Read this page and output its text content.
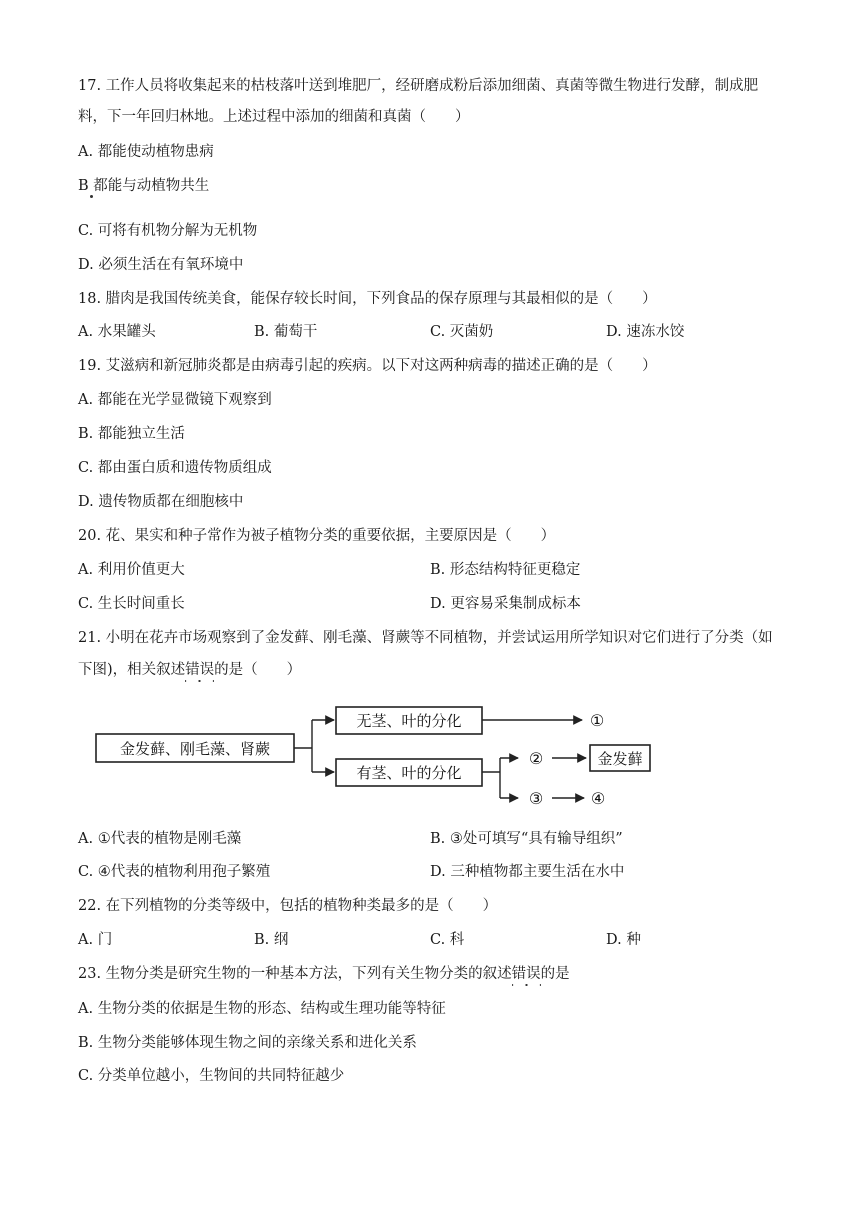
17. 工作人员将收集起来的枯枝落叶送到堆肥厂，经研磨成粉后添加细菌、真菌等微生物进行发酵，制成肥
料，下一年回归林地。上述过程中添加的细菌和真菌（　　）
A. 都能使动植物患病
B 都能与动植物共生
C. 可将有机物分解为无机物
D. 必须生活在有氧环境中
18. 腊肉是我国传统美食，能保存较长时间，下列食品的保存原理与其最相似的是（　　）
A. 水果罐头	B. 葡萄干	C. 灭菌奶	D. 速冻水饺
19. 艾滋病和新冠肺炎都是由病毒引起的疾病。以下对这两种病毒的描述正确的是（　　）
A. 都能在光学显微镜下观察到
B. 都能独立生活
C. 都由蛋白质和遗传物质组成
D. 遗传物质都在细胞核中
20. 花、果实和种子常作为被子植物分类的重要依据，主要原因是（　　）
A. 利用价值更大	B. 形态结构特征更稳定
C. 生长时间重长	D. 更容易采集制成标本
21. 小明在花卉市场观察到了金发藓、刚毛藻、肾蕨等不同植物，并尝试运用所学知识对它们进行了分类（如
下图)，相关叙述错误的是（　　）
金发藓、刚毛藻、肾蕨
无茎、叶的分化	①
有茎、叶的分化
②	金发藓
③	④
A. ①代表的植物是刚毛藻	B. ③处可填写“具有输导组织”
C. ④代表的植物利用孢子繁殖	D. 三种植物都主要生活在水中
22. 在下列植物的分类等级中，包括的植物种类最多的是（　　）
A. 门	B. 纲	C. 科	D. 种
23. 生物分类是研究生物的一种基本方法，下列有关生物分类的叙述错误的是
A. 生物分类的依据是生物的形态、结构或生理功能等特征
B. 生物分类能够体现生物之间的亲缘关系和进化关系
C. 分类单位越小，生物间的共同特征越少
